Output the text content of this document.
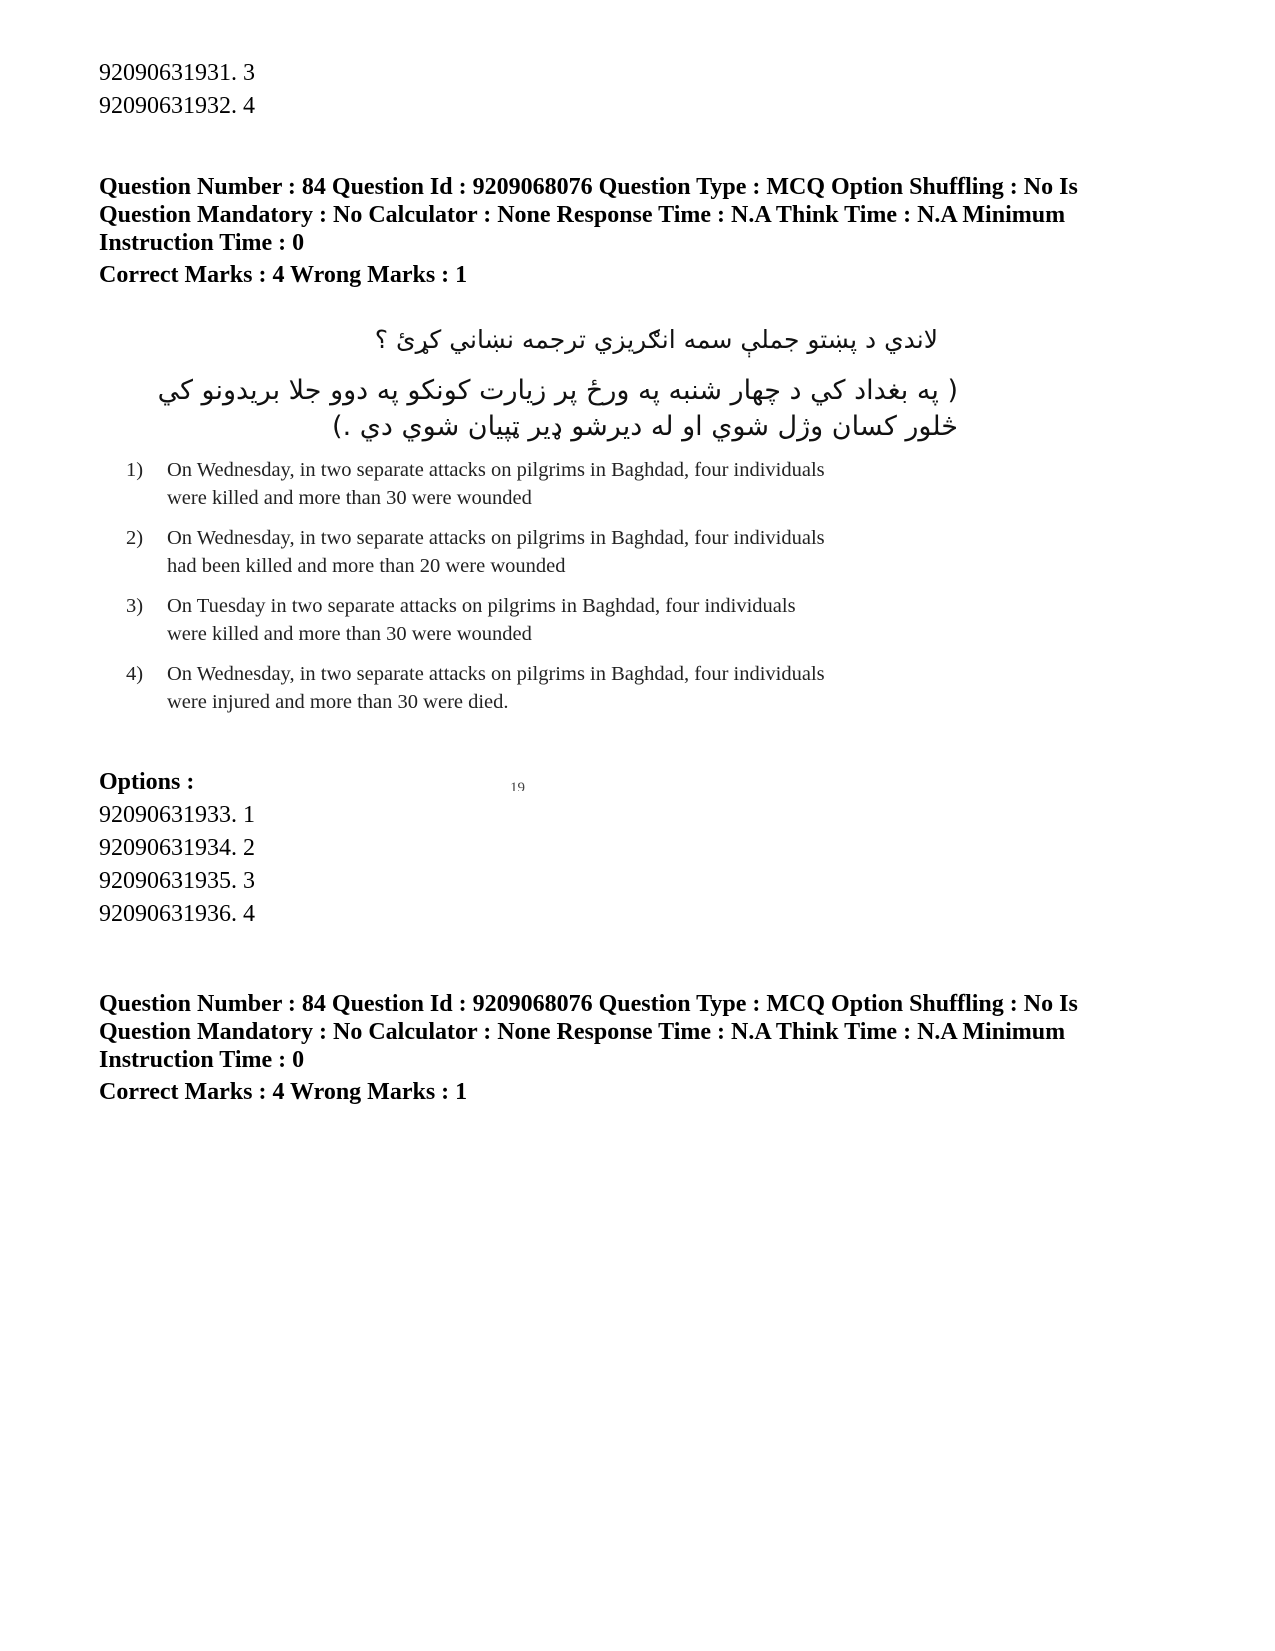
92090631931. 3
92090631932. 4
Question Number : 84 Question Id : 9209068076 Question Type : MCQ Option Shuffling : No Is
Question Mandatory : No Calculator : None Response Time : N.A Think Time : N.A Minimum
Instruction Time : 0
Correct Marks : 4 Wrong Marks : 1
لاندي د پښتو جملې سمه انګريزي ترجمه نښاني کړئ ؟
( په بغداد کي د چهار شنبه په ورځ پر زيارت کونکو په دوو جلا بريدونو کي
څلور کسان وژل شوي او له ديرشو ډير ټپيان شوي دي .)
1)	On Wednesday, in two separate attacks on pilgrims in Baghdad, four individuals
were killed and more than 30 were wounded
2)	On Wednesday, in two separate attacks on pilgrims in Baghdad, four individuals
had been killed and more than 20 were wounded
3)	On Tuesday in two separate attacks on pilgrims in Baghdad, four individuals
were killed and more than 30 were wounded
4)	On Wednesday, in two separate attacks on pilgrims in Baghdad, four individuals
were injured and more than 30 were died.
19
Options :
92090631933. 1
92090631934. 2
92090631935. 3
92090631936. 4
Question Number : 84 Question Id : 9209068076 Question Type : MCQ Option Shuffling : No Is
Question Mandatory : No Calculator : None Response Time : N.A Think Time : N.A Minimum
Instruction Time : 0
Correct Marks : 4 Wrong Marks : 1
